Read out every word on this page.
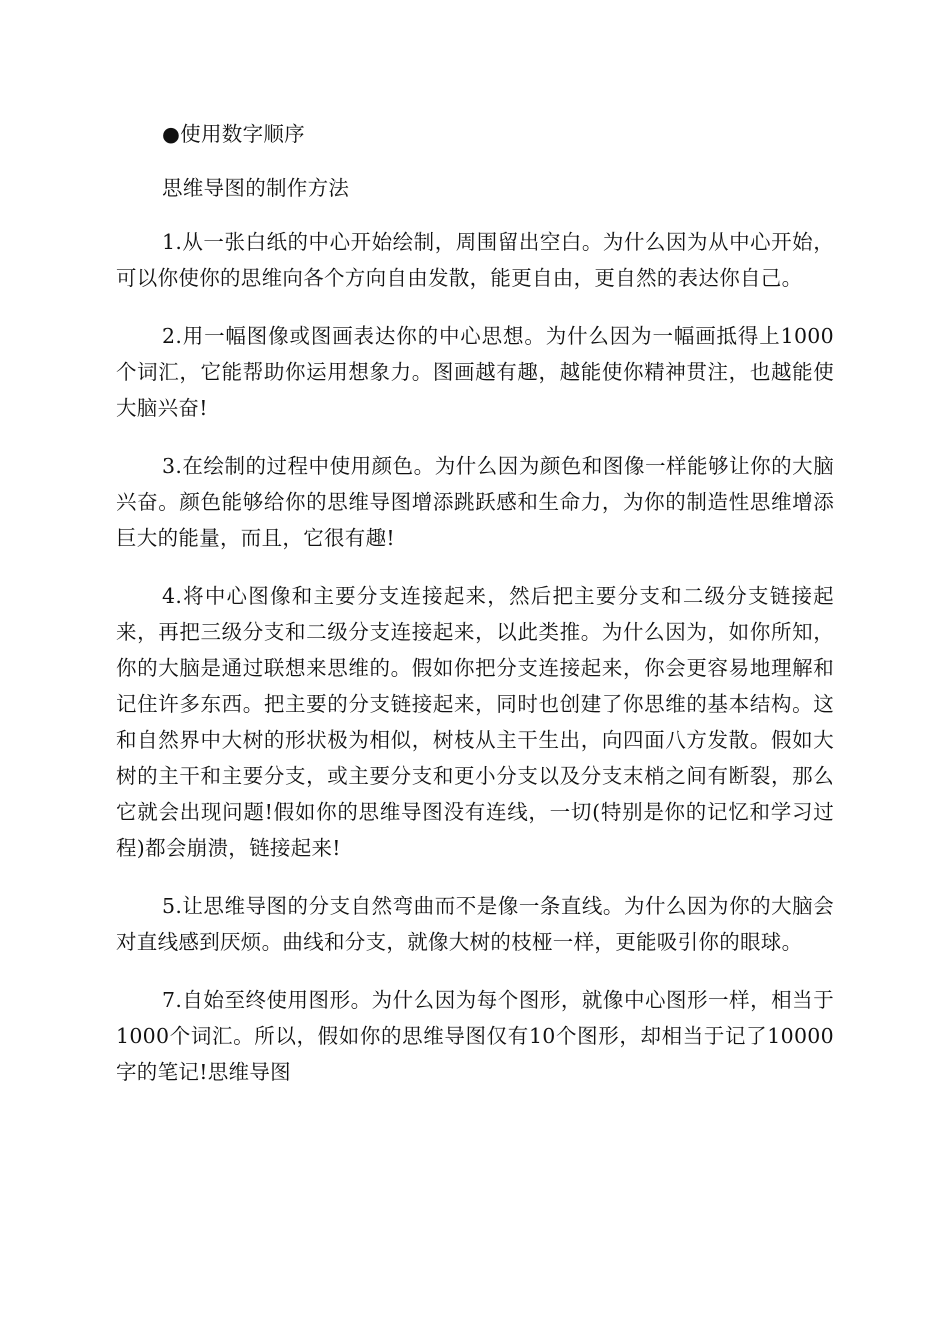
●使用数字顺序

思维导图的制作方法

1.从一张白纸的中心开始绘制，周围留出空白。为什么因为从中心开始，可以你使你的思维向各个方向自由发散，能更自由，更自然的表达你自己。

2.用一幅图像或图画表达你的中心思想。为什么因为一幅画抵得上1000个词汇，它能帮助你运用想象力。图画越有趣，越能使你精神贯注，也越能使大脑兴奋!

3.在绘制的过程中使用颜色。为什么因为颜色和图像一样能够让你的大脑兴奋。颜色能够给你的思维导图增添跳跃感和生命力，为你的制造性思维增添巨大的能量，而且，它很有趣!

4.将中心图像和主要分支连接起来，然后把主要分支和二级分支链接起来，再把三级分支和二级分支连接起来，以此类推。为什么因为，如你所知，你的大脑是通过联想来思维的。假如你把分支连接起来，你会更容易地理解和记住许多东西。把主要的分支链接起来，同时也创建了你思维的基本结构。这和自然界中大树的形状极为相似，树枝从主干生出，向四面八方发散。假如大树的主干和主要分支，或主要分支和更小分支以及分支末梢之间有断裂，那么它就会出现问题!假如你的思维导图没有连线，一切(特别是你的记忆和学习过程)都会崩溃，链接起来!

5.让思维导图的分支自然弯曲而不是像一条直线。为什么因为你的大脑会对直线感到厌烦。曲线和分支，就像大树的枝桠一样，更能吸引你的眼球。

7.自始至终使用图形。为什么因为每个图形，就像中心图形一样，相当于1000个词汇。所以，假如你的思维导图仅有10个图形，却相当于记了10000字的笔记!思维导图
